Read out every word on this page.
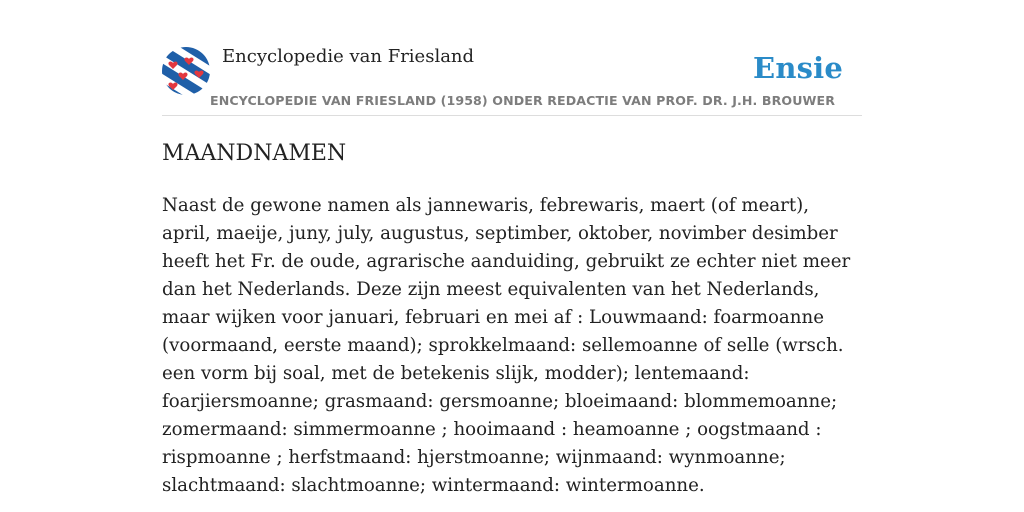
Encyclopedie van Friesland	Ensie
ENCYCLOPEDIE VAN FRIESLAND (1958) ONDER REDACTIE VAN PROF. DR. J.H. BROUWER
MAANDNAMEN

Naast de gewone namen als jannewaris, febrewaris, maert (of meart), april, maeije, juny, july, augustus, septimber, oktober, novimber desimber heeft het Fr. de oude, agrarische aanduiding, gebruikt ze echter niet meer dan het Nederlands. Deze zijn meest equivalenten van het Nederlands, maar wijken voor januari, februari en mei af : Louwmaand: foarmoanne (voormaand, eerste maand); sprokkelmaand: sellemoanne of selle (wrsch. een vorm bij soal, met de betekenis slijk, modder); lentemaand: foarjiersmoanne; grasmaand: gersmoanne; bloeimaand: blommemoanne; zomermaand: simmermoanne ; hooimaand : heamoanne ; oogstmaand : rispmoanne ; herfstmaand: hjerstmoanne; wijnmaand: wynmoanne; slachtmaand: slachtmoanne; wintermaand: wintermoanne.
